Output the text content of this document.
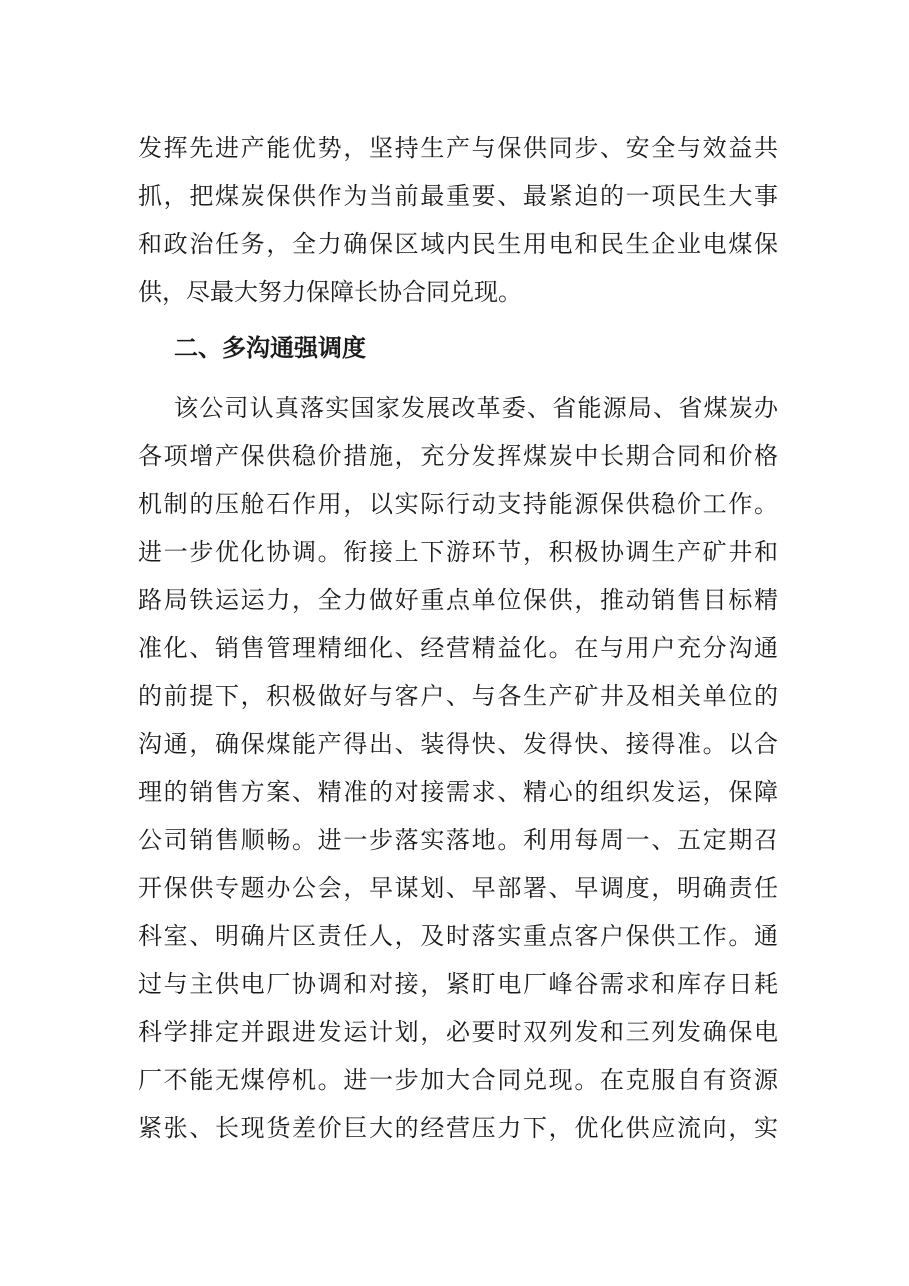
发挥先进产能优势，坚持生产与保供同步、安全与效益共
抓，把煤炭保供作为当前最重要、最紧迫的一项民生大事
和政治任务，全力确保区域内民生用电和民生企业电煤保
供，尽最大努力保障长协合同兑现。
二、多沟通强调度
该公司认真落实国家发展改革委、省能源局、省煤炭办
各项增产保供稳价措施，充分发挥煤炭中长期合同和价格
机制的压舱石作用，以实际行动支持能源保供稳价工作。
进一步优化协调。衔接上下游环节，积极协调生产矿井和
路局铁运运力，全力做好重点单位保供，推动销售目标精
准化、销售管理精细化、经营精益化。在与用户充分沟通
的前提下，积极做好与客户、与各生产矿井及相关单位的
沟通，确保煤能产得出、装得快、发得快、接得准。以合
理的销售方案、精准的对接需求、精心的组织发运，保障
公司销售顺畅。进一步落实落地。利用每周一、五定期召
开保供专题办公会，早谋划、早部署、早调度，明确责任
科室、明确片区责任人，及时落实重点客户保供工作。通
过与主供电厂协调和对接，紧盯电厂峰谷需求和库存日耗
科学排定并跟进发运计划，必要时双列发和三列发确保电
厂不能无煤停机。进一步加大合同兑现。在克服自有资源
紧张、长现货差价巨大的经营压力下，优化供应流向，实
